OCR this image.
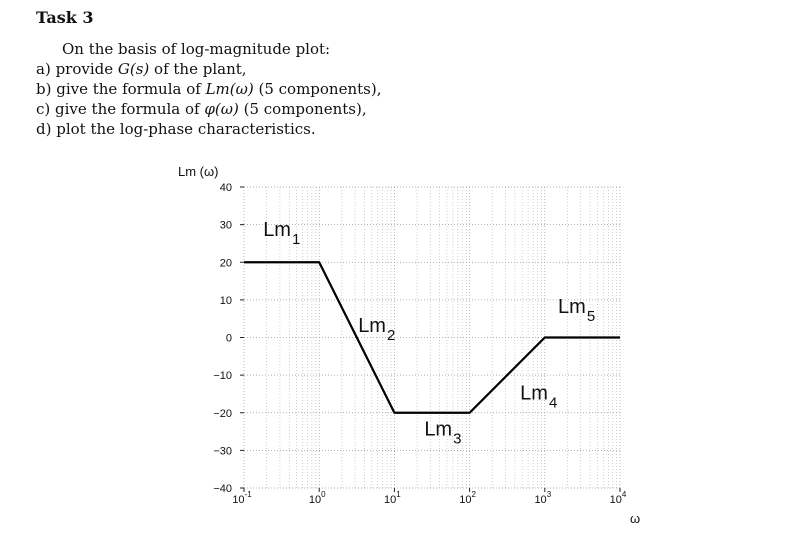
Task 3
On the basis of log-magnitude plot:
a) provide G(s) of the plant,
b) give the formula of Lm(ω) (5 components),
c) give the formula of φ(ω) (5 components),
d) plot the log-phase characteristics.
Lm (ω)
ω
40
30
20
10
0
−10
−20
−30
−40
$10^{-1}$	$10^0$	$10^1$	$10^2$	$10^3$	$10^4$
$Lm_1$
$Lm_2$
$Lm_3$
$Lm_4$
$Lm_5$
